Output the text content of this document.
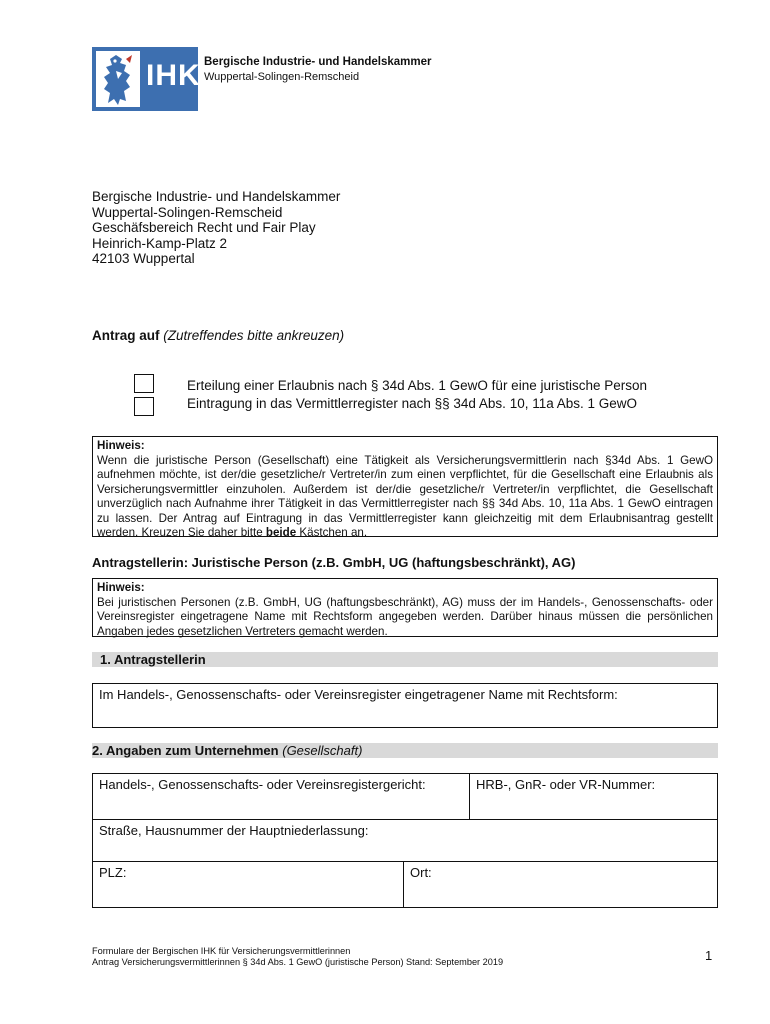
IHK Bergische Industrie- und Handelskammer
Wuppertal-Solingen-Remscheid
Bergische Industrie- und Handelskammer
Wuppertal-Solingen-Remscheid
Geschäfsbereich Recht und Fair Play
Heinrich-Kamp-Platz 2
42103 Wuppertal
Antrag auf (Zutreffendes bitte ankreuzen)
Erteilung einer Erlaubnis nach § 34d Abs. 1 GewO für eine juristische Person
Eintragung in das Vermittlerregister nach §§ 34d Abs. 10, 11a Abs. 1 GewO
Hinweis:

Wenn die juristische Person (Gesellschaft) eine Tätigkeit als Versicherungsvermittlerin nach §34d Abs. 1 GewO aufnehmen möchte, ist der/die gesetzliche/r Vertreter/in zum einen verpflichtet, für die Gesellschaft eine Erlaubnis als Versicherungsvermittler einzuholen. Außerdem ist der/die gesetzliche/r Vertreter/in verpflichtet, die Gesellschaft unverzüglich nach Aufnahme ihrer Tätigkeit in das Vermittlerregister nach §§ 34d Abs. 10, 11a Abs. 1 GewO eintragen zu lassen. Der Antrag auf Eintragung in das Vermittlerregister kann gleichzeitig mit dem Erlaubnisantrag gestellt werden. Kreuzen Sie daher bitte beide Kästchen an.

Antragstellerin: Juristische Person (z.B. GmbH, UG (haftungsbeschränkt), AG)
Hinweis:

Bei juristischen Personen (z.B. GmbH, UG (haftungsbeschränkt), AG) muss der im Handels-, Genossenschafts- oder Vereinsregister eingetragene Name mit Rechtsform angegeben werden. Darüber hinaus müssen die persönlichen Angaben jedes gesetzlichen Vertreters gemacht werden.

1. Antragstellerin
Im Handels-, Genossenschafts- oder Vereinsregister eingetragener Name mit Rechtsform:
2. Angaben zum Unternehmen (Gesellschaft)
Handels-, Genossenschafts- oder Vereinsregistergericht:	HRB-, GnR- oder VR-Nummer:
Straße, Hausnummer der Hauptniederlassung:
PLZ:	Ort:
Formulare der Bergischen IHK für Versicherungsvermittlerinnen
Antrag Versicherungsvermittlerinnen § 34d Abs. 1 GewO (juristische Person) Stand: September 2019	1
